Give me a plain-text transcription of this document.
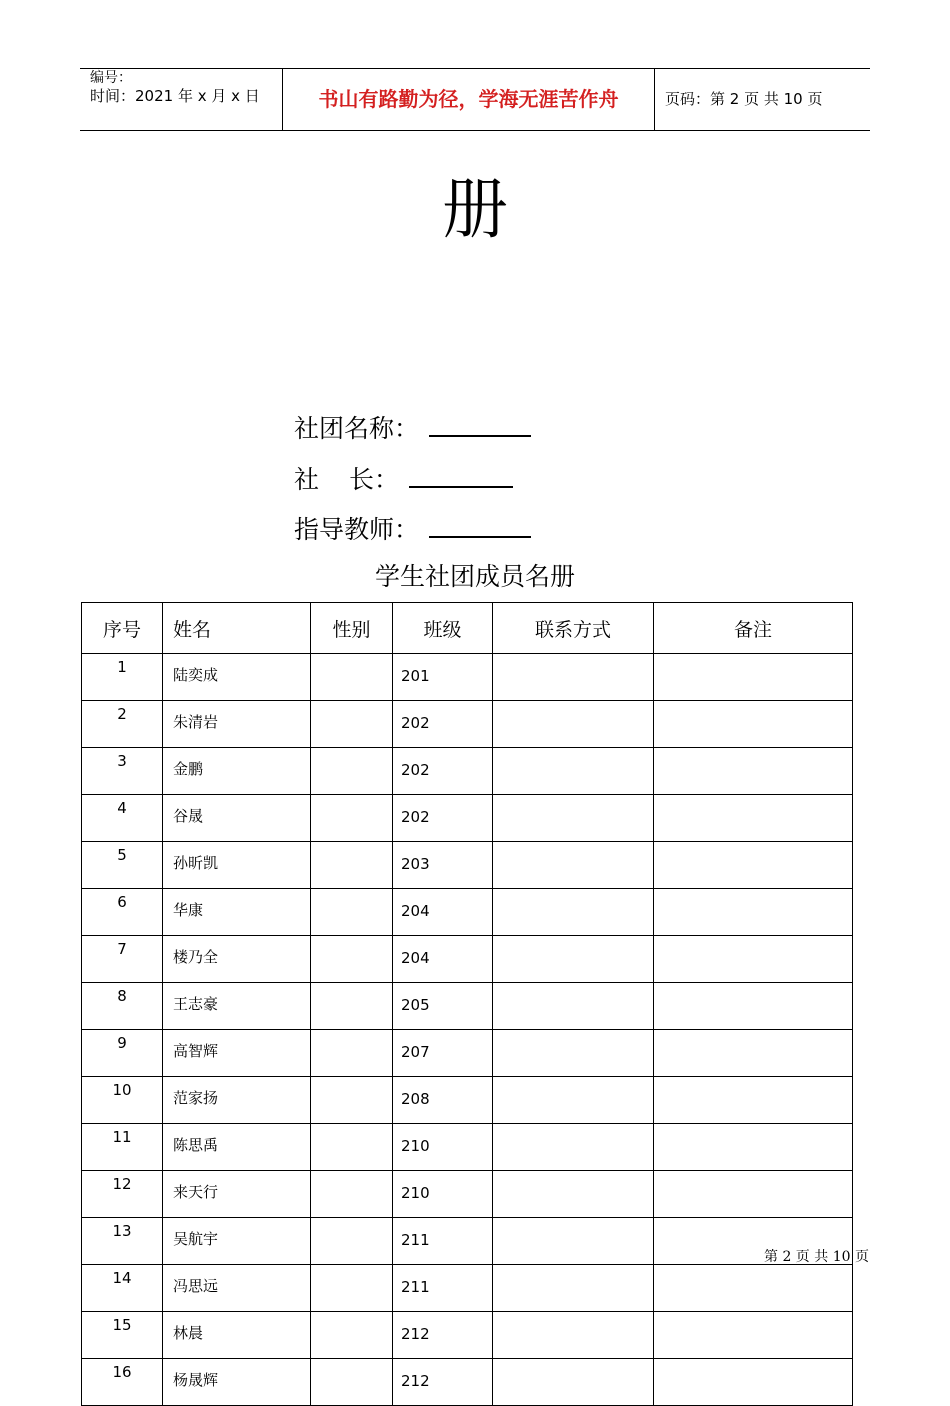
编号：
时间：2021 年 x 月 x 日	书山有路勤为径，学海无涯苦作舟	页码：第 2 页 共 10 页
册
社团名称：
社 长：
指导教师：
学生社团成员名册
序号	姓名	性别	班级	联系方式	备注
1	陆奕成		201		
2	朱清岩		202		
3	金鹏		202		
4	谷晟		202		
5	孙昕凯		203		
6	华康		204		
7	楼乃全		204		
8	王志豪		205		
9	高智辉		207		
10	范家扬		208		
11	陈思禹		210		
12	来天行		210		
13	吴航宇		211		
14	冯思远		211		
15	林晨		212		
16	杨晟辉		212		
第 2 页 共 10 页
